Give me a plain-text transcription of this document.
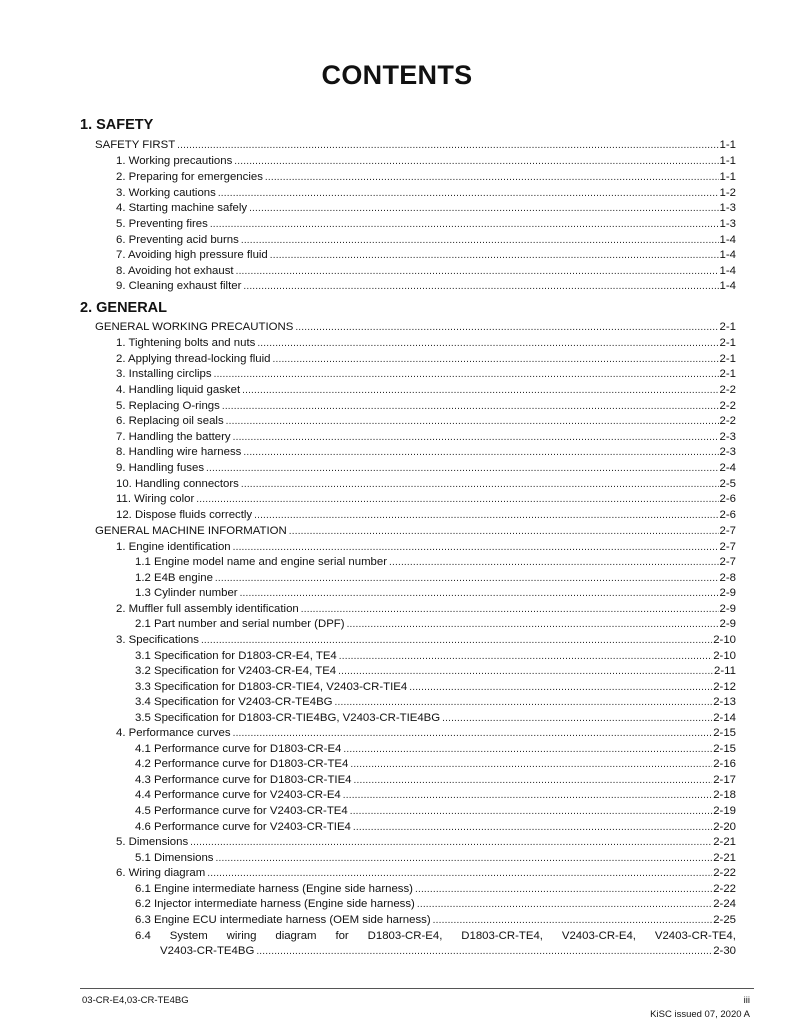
CONTENTS
1. SAFETY
SAFETY FIRST .....	1-1
1. Working precautions .....	1-1
2. Preparing for emergencies .....	1-1
3. Working cautions .....	1-2
4. Starting machine safely .....	1-3
5. Preventing fires .....	1-3
6. Preventing acid burns .....	1-4
7. Avoiding high pressure fluid .....	1-4
8. Avoiding hot exhaust .....	1-4
9. Cleaning exhaust filter .....	1-4
2. GENERAL
GENERAL WORKING PRECAUTIONS .....	2-1
1. Tightening bolts and nuts .....	2-1
2. Applying thread-locking fluid .....	2-1
3. Installing circlips .....	2-1
4. Handling liquid gasket .....	2-2
5. Replacing O-rings .....	2-2
6. Replacing oil seals .....	2-2
7. Handling the battery .....	2-3
8. Handling wire harness .....	2-3
9. Handling fuses .....	2-4
10. Handling connectors .....	2-5
11. Wiring color .....	2-6
12. Dispose fluids correctly .....	2-6
GENERAL MACHINE INFORMATION .....	2-7
1. Engine identification .....	2-7
1.1 Engine model name and engine serial number .....	2-7
1.2 E4B engine .....	2-8
1.3 Cylinder number .....	2-9
2. Muffler full assembly identification .....	2-9
2.1 Part number and serial number (DPF) .....	2-9
3. Specifications .....	2-10
3.1 Specification for D1803-CR-E4, TE4 .....	2-10
3.2 Specification for V2403-CR-E4, TE4 .....	2-11
3.3 Specification for D1803-CR-TIE4, V2403-CR-TIE4 .....	2-12
3.4 Specification for V2403-CR-TE4BG .....	2-13
3.5 Specification for D1803-CR-TIE4BG, V2403-CR-TIE4BG .....	2-14
4. Performance curves .....	2-15
4.1 Performance curve for D1803-CR-E4 .....	2-15
4.2 Performance curve for D1803-CR-TE4 .....	2-16
4.3 Performance curve for D1803-CR-TIE4 .....	2-17
4.4 Performance curve for V2403-CR-E4 .....	2-18
4.5 Performance curve for V2403-CR-TE4 .....	2-19
4.6 Performance curve for V2403-CR-TIE4 .....	2-20
5. Dimensions .....	2-21
5.1 Dimensions .....	2-21
6. Wiring diagram .....	2-22
6.1 Engine intermediate harness (Engine side harness) .....	2-22
6.2 Injector intermediate harness (Engine side harness) .....	2-24
6.3 Engine ECU intermediate harness (OEM side harness) .....	2-25
6.4 System wiring diagram for D1803-CR-E4, D1803-CR-TE4, V2403-CR-E4, V2403-CR-TE4,
V2403-CR-TE4BG .....	2-30
03-CR-E4,03-CR-TE4BG	iii
KiSC issued 07, 2020 A
